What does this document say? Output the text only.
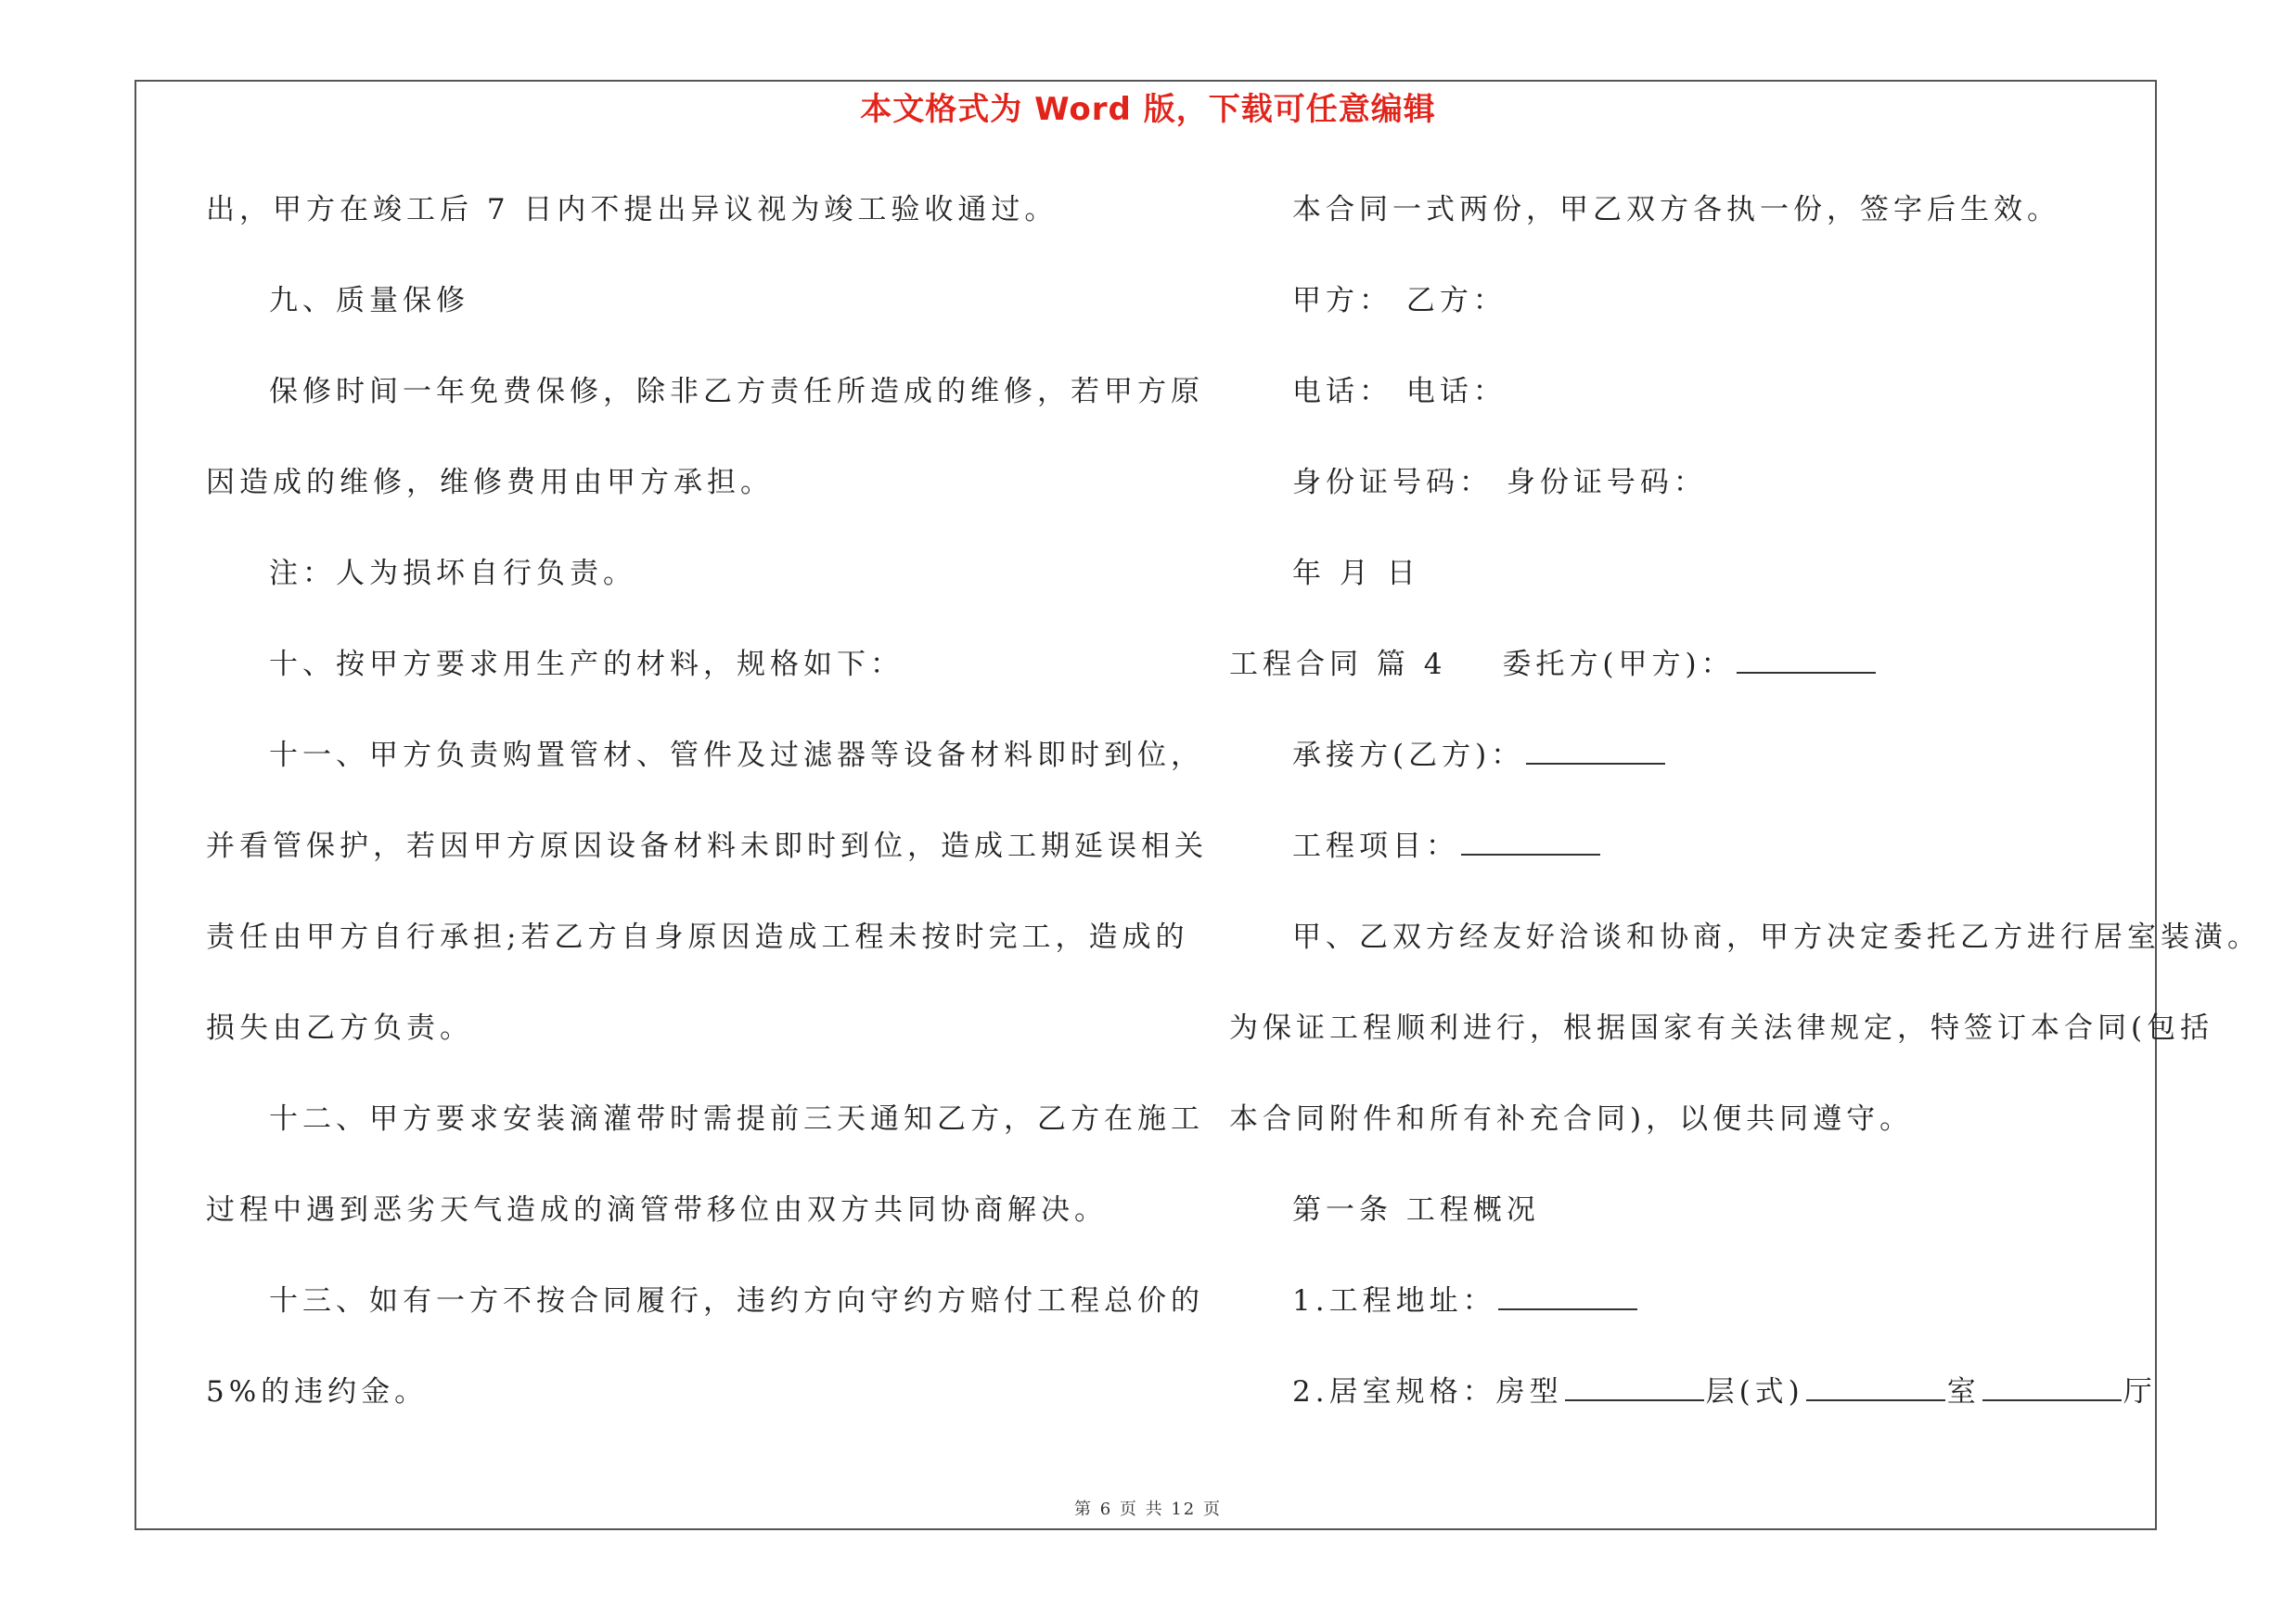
本文格式为 Word 版，下载可任意编辑
出，甲方在竣工后 7 日内不提出异议视为竣工验收通过。
九、质量保修
保修时间一年免费保修，除非乙方责任所造成的维修，若甲方原
因造成的维修，维修费用由甲方承担。
注：人为损坏自行负责。
十、按甲方要求用生产的材料，规格如下：
十一、甲方负责购置管材、管件及过滤器等设备材料即时到位，
并看管保护，若因甲方原因设备材料未即时到位，造成工期延误相关
责任由甲方自行承担;若乙方自身原因造成工程未按时完工，造成的
损失由乙方负责。
十二、甲方要求安装滴灌带时需提前三天通知乙方，乙方在施工
过程中遇到恶劣天气造成的滴管带移位由双方共同协商解决。
十三、如有一方不按合同履行，违约方向守约方赔付工程总价的
5%的违约金。
本合同一式两份，甲乙双方各执一份，签字后生效。
甲方： 乙方：
电话： 电话：
身份证号码： 身份证号码：
年 月 日
工程合同 篇 4 委托方(甲方)：
承接方(乙方)：
工程项目：
甲、乙双方经友好洽谈和协商，甲方决定委托乙方进行居室装潢。
为保证工程顺利进行，根据国家有关法律规定，特签订本合同(包括
本合同附件和所有补充合同)，以便共同遵守。
第一条 工程概况
1.工程地址：
2.居室规格：房型	层(式)	室	厅
第 6 页 共 12 页
